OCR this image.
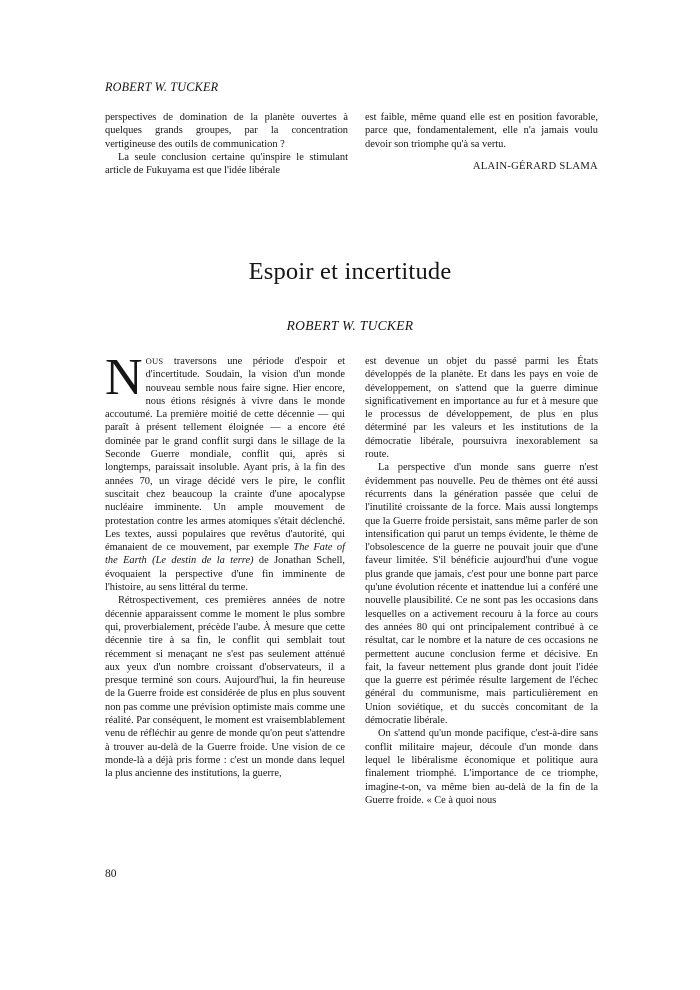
ROBERT W. TUCKER

perspectives de domination de la planète ouvertes à quelques grands groupes, par la concentration vertigineuse des outils de communication ?

La seule conclusion certaine qu'inspire le stimulant article de Fukuyama est que l'idée libérale

est faible, même quand elle est en position favorable, parce que, fondamentalement, elle n'a jamais voulu devoir son triomphe qu'à sa vertu.

ALAIN-GÉRARD SLAMA
Espoir et incertitude
ROBERT W. TUCKER

NOUS traversons une période d'espoir et d'incertitude. Soudain, la vision d'un monde nouveau semble nous faire signe. Hier encore, nous étions résignés à vivre dans le monde accoutumé. La première moitié de cette décennie — qui paraît à présent tellement éloignée — a encore été dominée par le grand conflit surgi dans le sillage de la Seconde Guerre mondiale, conflit qui, après si longtemps, paraissait insoluble. Ayant pris, à la fin des années 70, un virage décidé vers le pire, le conflit suscitait chez beaucoup la crainte d'une apocalypse nucléaire imminente. Un ample mouvement de protestation contre les armes atomiques s'était déclenché. Les textes, aussi populaires que revêtus d'autorité, qui émanaient de ce mouvement, par exemple The Fate of the Earth (Le destin de la terre) de Jonathan Schell, évoquaient la perspective d'une fin imminente de l'histoire, au sens littéral du terme.

Rétrospectivement, ces premières années de notre décennie apparaissent comme le moment le plus sombre qui, proverbialement, précède l'aube. À mesure que cette décennie tire à sa fin, le conflit qui semblait tout récemment si menaçant ne s'est pas seulement atténué aux yeux d'un nombre croissant d'observateurs, il a presque terminé son cours. Aujourd'hui, la fin heureuse de la Guerre froide est considérée de plus en plus souvent non pas comme une prévision optimiste mais comme une réalité. Par conséquent, le moment est vraisemblablement venu de réfléchir au genre de monde qu'on peut s'attendre à trouver au-delà de la Guerre froide. Une vision de ce monde-là a déjà pris forme : c'est un monde dans lequel la plus ancienne des institutions, la guerre,

est devenue un objet du passé parmi les États développés de la planète. Et dans les pays en voie de développement, on s'attend que la guerre diminue significativement en importance au fur et à mesure que le processus de développement, de plus en plus déterminé par les valeurs et les institutions de la démocratie libérale, poursuivra inexorablement sa route.

La perspective d'un monde sans guerre n'est évidemment pas nouvelle. Peu de thèmes ont été aussi récurrents dans la génération passée que celui de l'inutilité croissante de la force. Mais aussi longtemps que la Guerre froide persistait, sans même parler de son intensification qui parut un temps évidente, le thème de l'obsolescence de la guerre ne pouvait jouir que d'une faveur limitée. S'il bénéficie aujourd'hui d'une vogue plus grande que jamais, c'est pour une bonne part parce qu'une évolution récente et inattendue lui a conféré une nouvelle plausibilité. Ce ne sont pas les occasions dans lesquelles on a activement recouru à la force au cours des années 80 qui ont principalement contribué à ce résultat, car le nombre et la nature de ces occasions ne permettent aucune conclusion ferme et décisive. En fait, la faveur nettement plus grande dont jouit l'idée que la guerre est périmée résulte largement de l'échec général du communisme, mais particulièrement en Union soviétique, et du succès concomitant de la démocratie libérale.

On s'attend qu'un monde pacifique, c'est-à-dire sans conflit militaire majeur, découle d'un monde dans lequel le libéralisme économique et politique aura finalement triomphé. L'importance de ce triomphe, imagine-t-on, va même bien au-delà de la fin de la Guerre froide. « Ce à quoi nous

80
